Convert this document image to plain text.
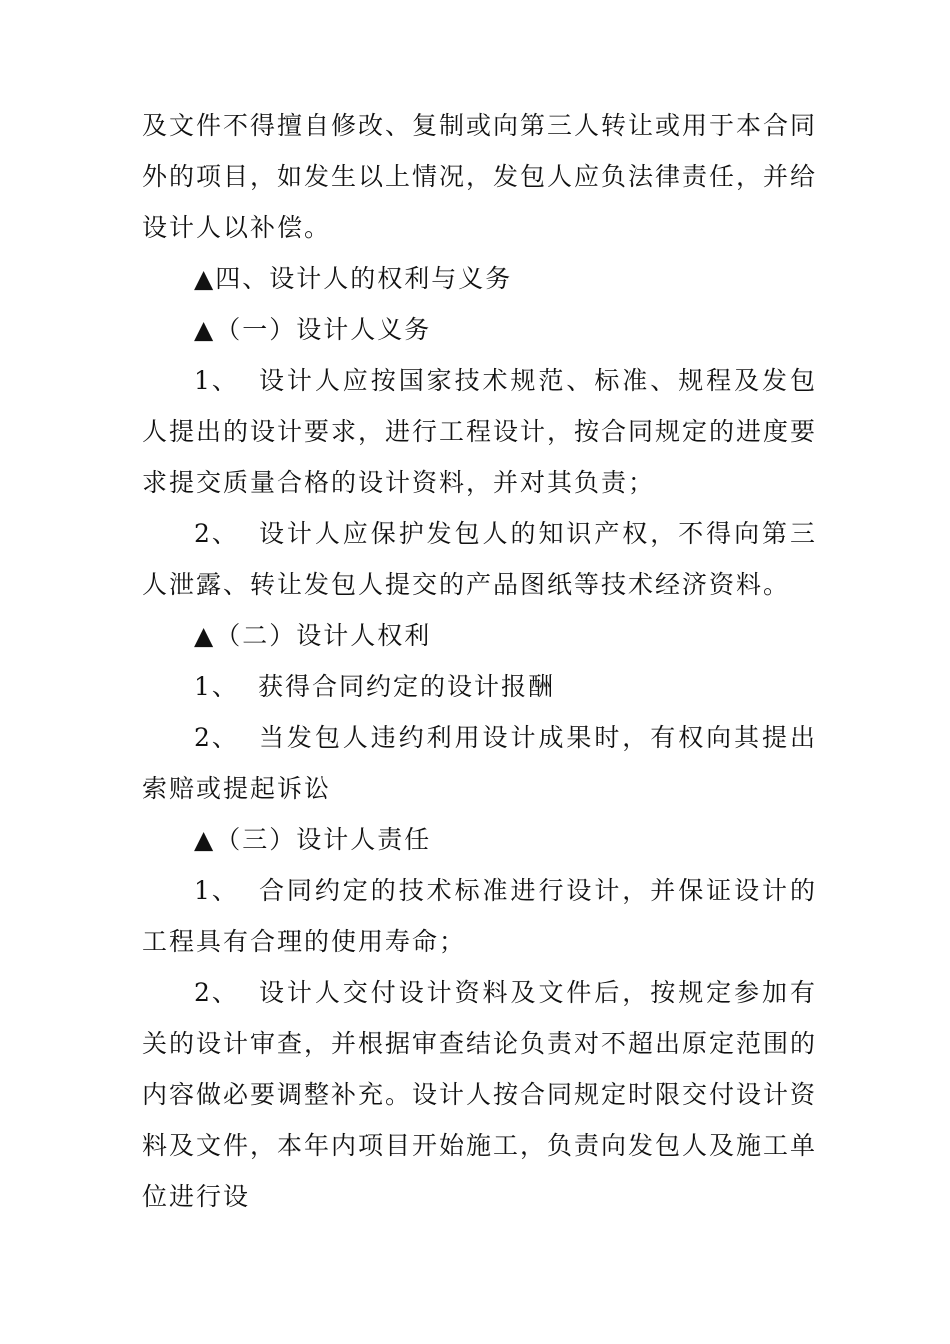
及文件不得擅自修改、复制或向第三人转让或用于本合同外的项目，如发生以上情况，发包人应负法律责任，并给设计人以补偿。

▲四、设计人的权利与义务

▲（一）设计人义务

1、 设计人应按国家技术规范、标准、规程及发包人提出的设计要求，进行工程设计，按合同规定的进度要求提交质量合格的设计资料，并对其负责；

2、 设计人应保护发包人的知识产权，不得向第三人泄露、转让发包人提交的产品图纸等技术经济资料。

▲（二）设计人权利

1、 获得合同约定的设计报酬

2、 当发包人违约利用设计成果时，有权向其提出索赔或提起诉讼

▲（三）设计人责任

1、 合同约定的技术标准进行设计，并保证设计的工程具有合理的使用寿命；

2、 设计人交付设计资料及文件后，按规定参加有关的设计审查，并根据审查结论负责对不超出原定范围的内容做必要调整补充。设计人按合同规定时限交付设计资料及文件，本年内项目开始施工，负责向发包人及施工单位进行设
